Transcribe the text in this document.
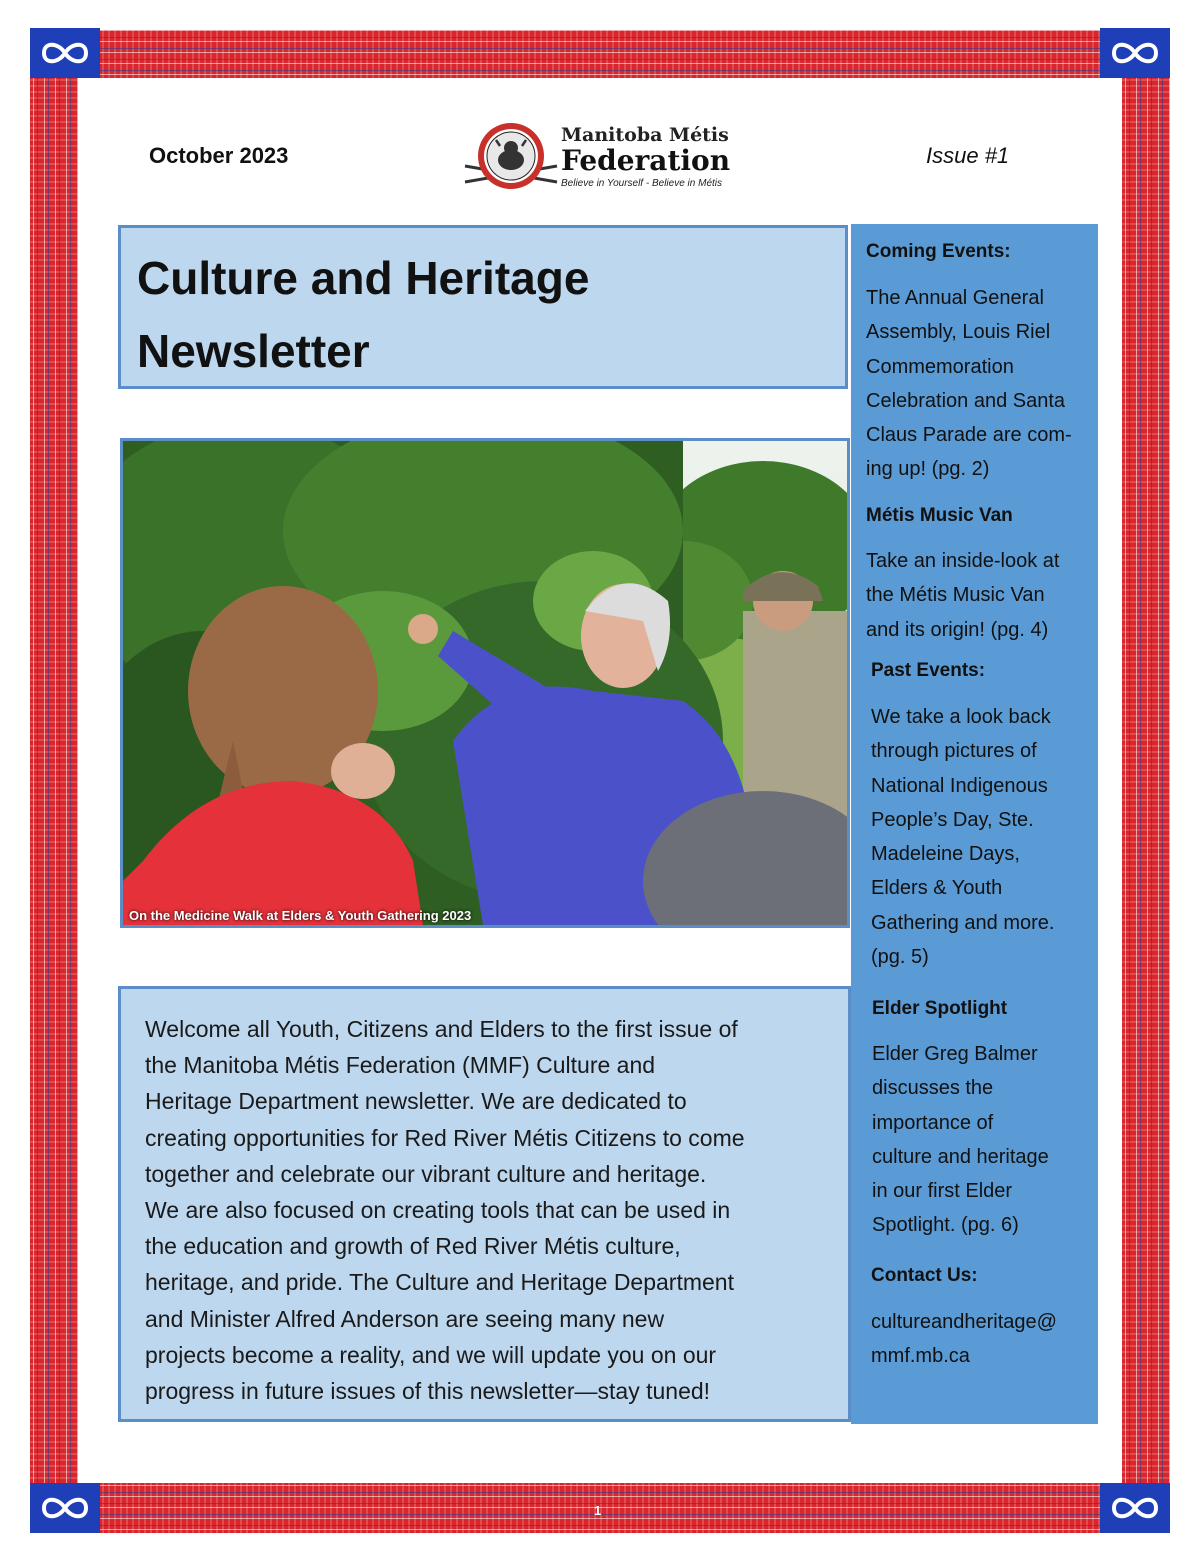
October 2023	Issue #1
Manitoba Métis
Federation
Believe in Yourself - Believe in Métis
Culture and Heritage
Newsletter
On the Medicine Walk at Elders & Youth Gathering 2023
Welcome all Youth, Citizens and Elders to the first issue of
the Manitoba Métis Federation (MMF) Culture and
Heritage Department newsletter. We are dedicated to
creating opportunities for Red River Métis Citizens to come
together and celebrate our vibrant culture and heritage.
We are also focused on creating tools that can be used in
the education and growth of Red River Métis culture,
heritage, and pride. The Culture and Heritage Department
and Minister Alfred Anderson are seeing many new
projects become a reality, and we will update you on our
progress in future issues of this newsletter—stay tuned!
Coming Events:
The Annual General
Assembly, Louis Riel
Commemoration
Celebration and Santa
Claus Parade are com-
ing up! (pg. 2)
Métis Music Van
Take an inside-look at
the Métis Music Van
and its origin! (pg. 4)
Past Events:
We take a look back
through pictures of
National Indigenous
People’s Day, Ste.
Madeleine Days,
Elders & Youth
Gathering and more.
(pg. 5)
Elder Spotlight
Elder Greg Balmer
discusses the
importance of
culture and heritage
in our first Elder
Spotlight. (pg. 6)
Contact Us:
cultureandheritage@
mmf.mb.ca
1
